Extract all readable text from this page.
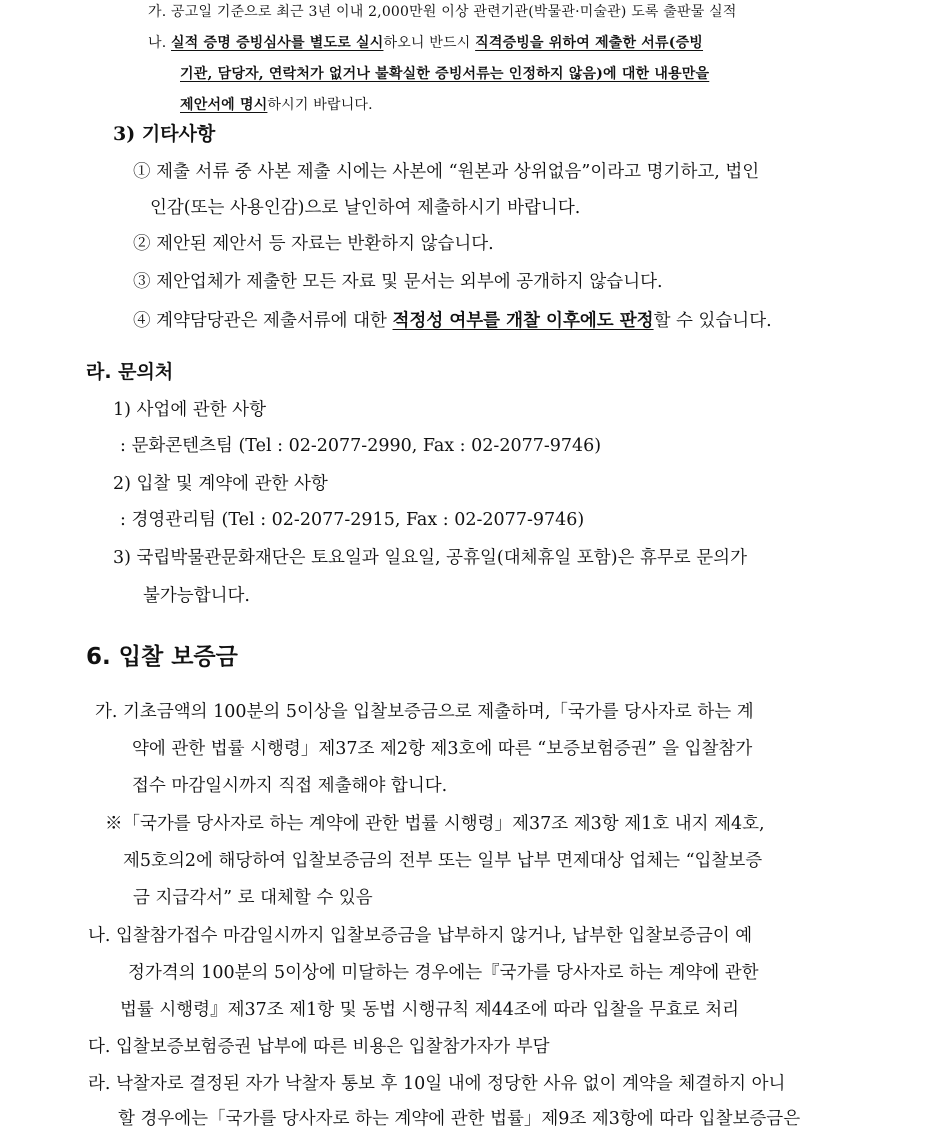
가. 공고일 기준으로 최근 3년 이내 2,000만원 이상 관련기관(박물관·미술관) 도록 출판물 실적
나. 실적 증명 증빙심사를 별도로 실시하오니 반드시 직격증빙을 위하여 제출한 서류(증빙
기관, 담당자, 연락처가 없거나 불확실한 증빙서류는 인정하지 않음)에 대한 내용만을
제안서에 명시하시기 바랍니다.
3) 기타사항
① 제출 서류 중 사본 제출 시에는 사본에 “원본과 상위없음”이라고 명기하고, 법인
인감(또는 사용인감)으로 날인하여 제출하시기 바랍니다.
② 제안된 제안서 등 자료는 반환하지 않습니다.
③ 제안업체가 제출한 모든 자료 및 문서는 외부에 공개하지 않습니다.
④ 계약담당관은 제출서류에 대한 적정성 여부를 개찰 이후에도 판정할 수 있습니다.
라. 문의처
1) 사업에 관한 사항
: 문화콘텐츠팀 (Tel : 02-2077-2990, Fax : 02-2077-9746)
2) 입찰 및 계약에 관한 사항
: 경영관리팀 (Tel : 02-2077-2915, Fax : 02-2077-9746)
3) 국립박물관문화재단은 토요일과 일요일, 공휴일(대체휴일 포함)은 휴무로 문의가
불가능합니다.
6. 입찰 보증금
가. 기초금액의 100분의 5이상을 입찰보증금으로 제출하며,「국가를 당사자로 하는 계
약에 관한 법률 시행령」제37조 제2항 제3호에 따른 “보증보험증권” 을 입찰참가
접수 마감일시까지 직접 제출해야 합니다.
※「국가를 당사자로 하는 계약에 관한 법률 시행령」제37조 제3항 제1호 내지 제4호,
제5호의2에 해당하여 입찰보증금의 전부 또는 일부 납부 면제대상 업체는 “입찰보증
금 지급각서” 로 대체할 수 있음
나. 입찰참가접수 마감일시까지 입찰보증금을 납부하지 않거나, 납부한 입찰보증금이 예
정가격의 100분의 5이상에 미달하는 경우에는『국가를 당사자로 하는 계약에 관한
법률 시행령』제37조 제1항 및 동법 시행규칙 제44조에 따라 입찰을 무효로 처리
다. 입찰보증보험증권 납부에 따른 비용은 입찰참가자가 부담
라. 낙찰자로 결정된 자가 낙찰자 통보 후 10일 내에 정당한 사유 없이 계약을 체결하지 아니
할 경우에는「국가를 당사자로 하는 계약에 관한 법률」제9조 제3항에 따라 입찰보증금은
